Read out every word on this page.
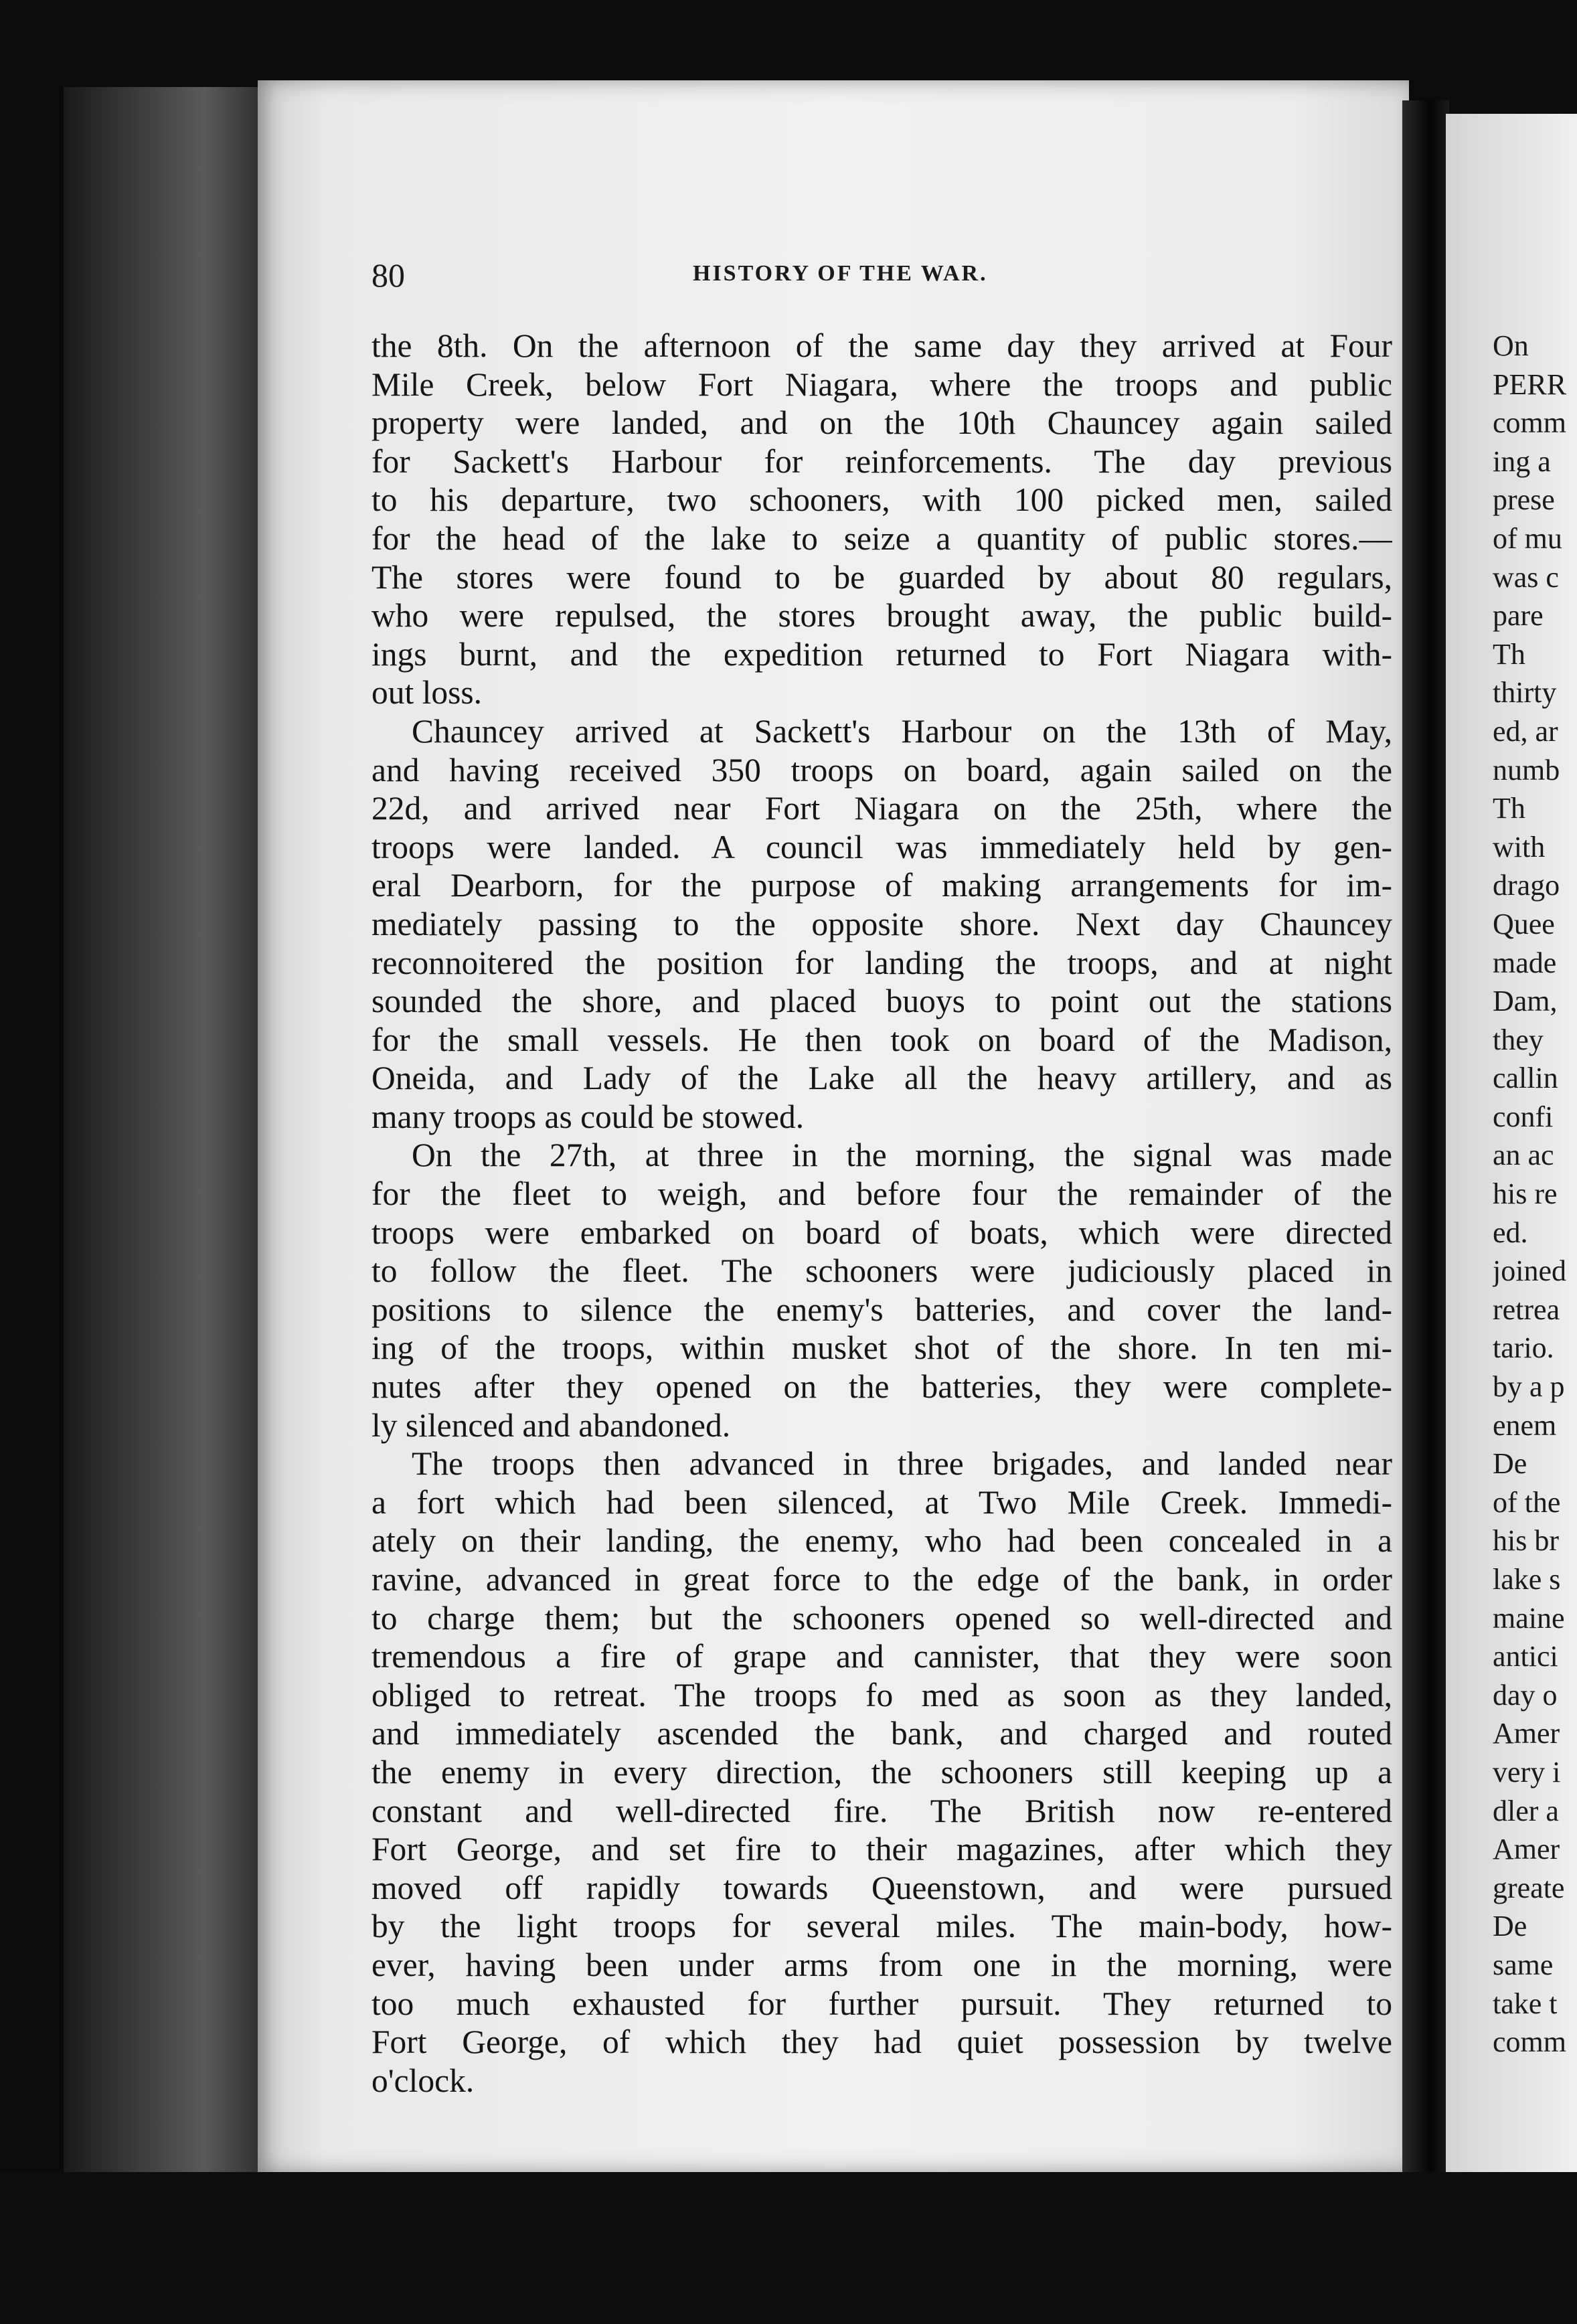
80	HISTORY OF THE WAR.
the 8th. On the afternoon of the same day they arrived at Four
Mile Creek, below Fort Niagara, where the troops and public
property were landed, and on the 10th Chauncey again sailed
for Sackett's Harbour for reinforcements. The day previous
to his departure, two schooners, with 100 picked men, sailed
for the head of the lake to seize a quantity of public stores.—
The stores were found to be guarded by about 80 regulars,
who were repulsed, the stores brought away, the public build-
ings burnt, and the expedition returned to Fort Niagara with-
out loss.
Chauncey arrived at Sackett's Harbour on the 13th of May,
and having received 350 troops on board, again sailed on the
22d, and arrived near Fort Niagara on the 25th, where the
troops were landed. A council was immediately held by gen-
eral Dearborn, for the purpose of making arrangements for im-
mediately passing to the opposite shore. Next day Chauncey
reconnoitered the position for landing the troops, and at night
sounded the shore, and placed buoys to point out the stations
for the small vessels. He then took on board of the Madison,
Oneida, and Lady of the Lake all the heavy artillery, and as
many troops as could be stowed.
On the 27th, at three in the morning, the signal was made
for the fleet to weigh, and before four the remainder of the
troops were embarked on board of boats, which were directed
to follow the fleet. The schooners were judiciously placed in
positions to silence the enemy's batteries, and cover the land-
ing of the troops, within musket shot of the shore. In ten mi-
nutes after they opened on the batteries, they were complete-
ly silenced and abandoned.
The troops then advanced in three brigades, and landed near
a fort which had been silenced, at Two Mile Creek. Immedi-
ately on their landing, the enemy, who had been concealed in a
ravine, advanced in great force to the edge of the bank, in order
to charge them; but the schooners opened so well-directed and
tremendous a fire of grape and cannister, that they were soon
obliged to retreat. The troops fo med as soon as they landed,
and immediately ascended the bank, and charged and routed
the enemy in every direction, the schooners still keeping up a
constant and well-directed fire. The British now re-entered
Fort George, and set fire to their magazines, after which they
moved off rapidly towards Queenstown, and were pursued
by the light troops for several miles. The main-body, how-
ever, having been under arms from one in the morning, were
too much exhausted for further pursuit. They returned to
Fort George, of which they had quiet possession by twelve
o'clock.
On
PERR
comm
ing a
prese
of mu
was c
pare
Th
thirty
ed, ar
numb
Th
with
drago
Quee
made
Dam,
they
callin
confi
an ac
his re
ed.
joined
retrea
tario.
by a p
enem
De
of the
his br
lake s
maine
antici
day o
Amer
very i
dler a
Amer
greate
De
same
take t
comm
